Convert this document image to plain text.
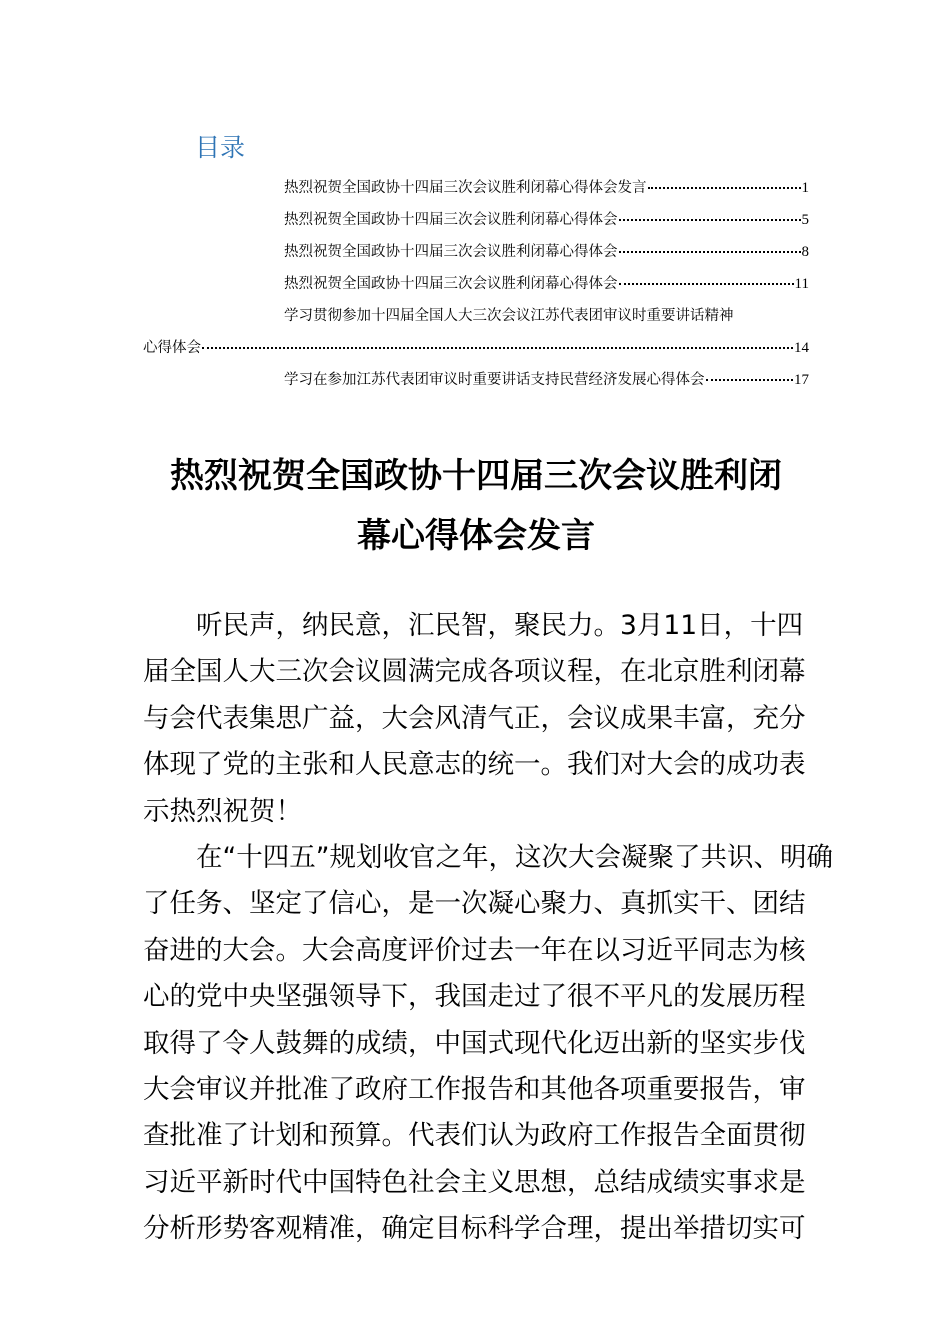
目录
热烈祝贺全国政协十四届三次会议胜利闭幕心得体会发言	1
热烈祝贺全国政协十四届三次会议胜利闭幕心得体会	5
热烈祝贺全国政协十四届三次会议胜利闭幕心得体会	8
热烈祝贺全国政协十四届三次会议胜利闭幕心得体会	11
学习贯彻参加十四届全国人大三次会议江苏代表团审议时重要讲话精神
心得体会	14
学习在参加江苏代表团审议时重要讲话支持民营经济发展心得体会	17
热烈祝贺全国政协十四届三次会议胜利闭
幕心得体会发言

听民声，纳民意，汇民智，聚民力。3月11日，十四
届全国人大三次会议圆满完成各项议程，在北京胜利闭幕
与会代表集思广益，大会风清气正，会议成果丰富，充分
体现了党的主张和人民意志的统一。我们对大会的成功表
示热烈祝贺！

在“十四五”规划收官之年，这次大会凝聚了共识、明确
了任务、坚定了信心，是一次凝心聚力、真抓实干、团结
奋进的大会。大会高度评价过去一年在以习近平同志为核
心的党中央坚强领导下，我国走过了很不平凡的发展历程
取得了令人鼓舞的成绩，中国式现代化迈出新的坚实步伐
大会审议并批准了政府工作报告和其他各项重要报告，审
查批准了计划和预算。代表们认为政府工作报告全面贯彻
习近平新时代中国特色社会主义思想，总结成绩实事求是
分析形势客观精准，确定目标科学合理，提出举措切实可
